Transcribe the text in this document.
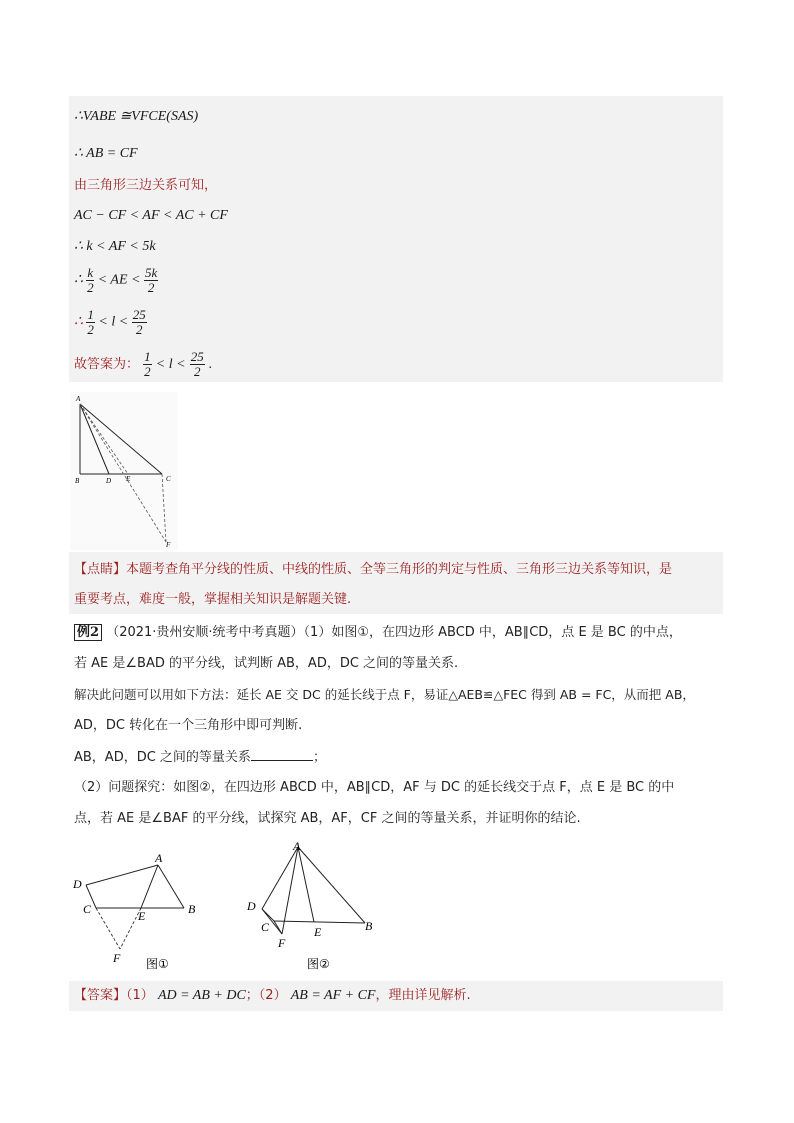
∴VABE ≅VFCE(SAS)
∴ AB = CF
由三角形三边关系可知，
AC − CF < AF < AC + CF
∴ k < AF < 5k
∴ $\frac{k}{2}$ < AE < $\frac{5k}{2}$
∴ $\frac{1}{2} < l < \frac{25}{2}$
故答案为： $\frac{1}{2} < l < \frac{25}{2}$ .
A
B	D E	C
F
【点睛】本题考查角平分线的性质、中线的性质、全等三角形的判定与性质、三角形三边关系等知识，是
重要考点，难度一般，掌握相关知识是解题关键.
例2 （2021·贵州安顺·统考中考真题）（1）如图①，在四边形 ABCD 中，AB∥CD，点 E 是 BC 的中点，
若 AE 是∠BAD 的平分线，试判断 AB，AD，DC 之间的等量关系.
解决此问题可以用如下方法：延长 AE 交 DC 的延长线于点 F，易证△AEB≌△FEC 得到 AB = FC，从而把 AB，
AD，DC 转化在一个三角形中即可判断.
AB，AD，DC 之间的等量关系	；
（2）问题探究：如图②，在四边形 ABCD 中，AB∥CD，AF 与 DC 的延长线交于点 F，点 E 是 BC 的中
点，若 AE 是∠BAF 的平分线，试探究 AB，AF，CF 之间的等量关系，并证明你的结论.
A
D
C	E	B
F 图①
A
D
C
F
E	B
图②
【答案】（1） AD = AB + DC；（2） AB = AF + CF，理由详见解析.
